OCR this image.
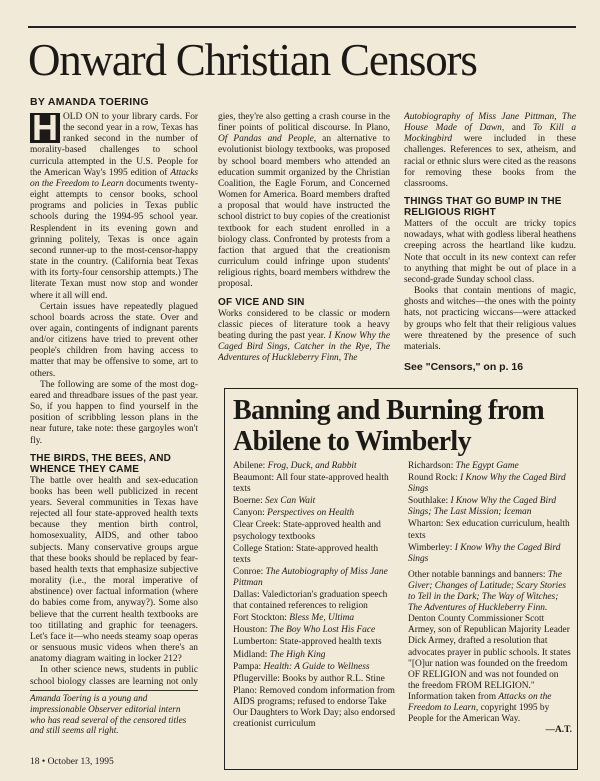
Onward Christian Censors
BY AMANDA TOERING

H OLD ON to your library cards. For the second year in a row, Texas has ranked second in the number of morality-based challenges to school curricula attempted in the U.S. People for the American Way's 1995 edition of Attacks on the Freedom to Learn documents twenty-eight attempts to censor books, school programs and policies in Texas public schools during the 1994-95 school year. Resplendent in its evening gown and grinning politely, Texas is once again second runner-up to the most-censor-happy state in the country. (California beat Texas with its forty-four censorship attempts.) The literate Texan must now stop and wonder where it all will end.

Certain issues have repeatedly plagued school boards across the state. Over and over again, contingents of indignant parents and/or citizens have tried to prevent other people's children from having access to matter that may be offensive to some, art to others.

The following are some of the most dog-eared and threadbare issues of the past year. So, if you happen to find yourself in the position of scribbling lesson plans in the near future, take note: these gargoyles won't fly.

THE BIRDS, THE BEES, AND WHENCE THEY CAME

The battle over health and sex-education books has been well publicized in recent years. Several communities in Texas have rejected all four state-approved health texts because they mention birth control, homosexuality, AIDS, and other taboo subjects. Many conservative groups argue that these books should be replaced by fear-based health texts that emphasize subjective morality (i.e., the moral imperative of abstinence) over factual information (where do babies come from, anyway?). Some also believe that the current health textbooks are too titillating and graphic for teenagers. Let's face it—who needs steamy soap operas or sensuous music videos when there's an anatomy diagram waiting in locker 212?

In other science news, students in public school biology classes are learning not only

gies, they're also getting a crash course in the finer points of political discourse. In Plano, Of Pandas and People, an alternative to evolutionist biology textbooks, was proposed by school board members who attended an education summit organized by the Christian Coalition, the Eagle Forum, and Concerned Women for America. Board members drafted a proposal that would have instructed the school district to buy copies of the creationist textbook for each student enrolled in a biology class. Confronted by protests from a faction that argued that the creationism curriculum could infringe upon students' religious rights, board members withdrew the proposal.

OF VICE AND SIN

Works considered to be classic or modern classic pieces of literature took a heavy beating during the past year. I Know Why the Caged Bird Sings, Catcher in the Rye, The Adventures of Huckleberry Finn, The

Autobiography of Miss Jane Pittman, The House Made of Dawn, and To Kill a Mockingbird were included in these challenges. References to sex, atheism, and racial or ethnic slurs were cited as the reasons for removing these books from the classrooms.

THINGS THAT GO BUMP IN THE RELIGIOUS RIGHT

Matters of the occult are tricky topics nowadays, what with godless liberal heathens creeping across the heartland like kudzu. Note that occult in its new context can refer to anything that might be out of place in a second-grade Sunday school class.

Books that contain mentions of magic, ghosts and witches—the ones with the pointy hats, not practicing wiccans—were attacked by groups who felt that their religious values were threatened by the presence of such materials.

See "Censors," on p. 16
Amanda Toering is a young and impressionable Observer editorial intern who has read several of the censored titles and still seems all right.
18 • October 13, 1995
Banning and Burning from Abilene to Wimberly
Abilene: Frog, Duck, and Rabbit
Beaumont: All four state-approved health texts
Boerne: Sex Can Wait
Canyon: Perspectives on Health
Clear Creek: State-approved health and psychology textbooks
College Station: State-approved health texts
Conroe: The Autobiography of Miss Jane Pittman
Dallas: Valedictorian's graduation speech that contained references to religion
Fort Stockton: Bless Me, Ultima
Houston: The Boy Who Lost His Face
Lumberton: State-approved health texts
Midland: The High King
Pampa: Health: A Guide to Wellness
Pflugerville: Books by author R.L. Stine
Plano: Removed condom information from AIDS programs; refused to endorse Take Our Daughters to Work Day; also endorsed creationist curriculum
Richardson: The Egypt Game
Round Rock: I Know Why the Caged Bird Sings
Southlake: I Know Why the Caged Bird Sings; The Last Mission; Iceman
Wharton: Sex education curriculum, health texts
Wimberley: I Know Why the Caged Bird Sings

Other notable bannings and banners: The Giver; Changes of Latitude; Scary Stories to Tell in the Dark; The Way of Witches; The Adventures of Huckleberry Finn. Denton County Commissioner Scott Armey, son of Republican Majority Leader Dick Armey, drafted a resolution that advocates prayer in public schools. It states "[O]ur nation was founded on the freedom OF RELIGION and was not founded on the freedom FROM RELIGION." Information taken from Attacks on the Freedom to Learn, copyright 1995 by People for the American Way.

—A.T.
